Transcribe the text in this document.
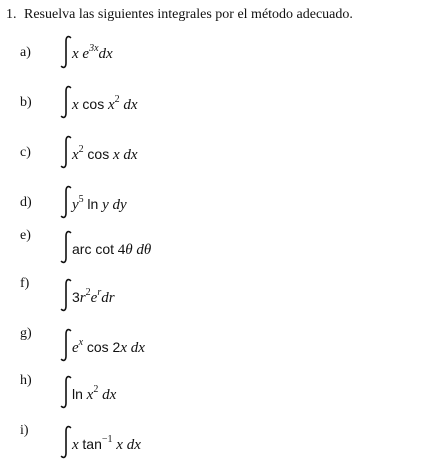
1. Resuelva las siguientes integrales por el método adecuado.
a)	x $e^{3x}dx$
b)	x $\cos x^2$ dx
c)	$x^2$ cos x dx
d)	$y^5$ ln y dy
e)
arc cot 4θ dθ
f)
$3r^2e^rdr$
g)
$e^x$ cos 2x dx
h)
$\ln x^2$ dx
i)
x $\tan^{-1} x$ dx
